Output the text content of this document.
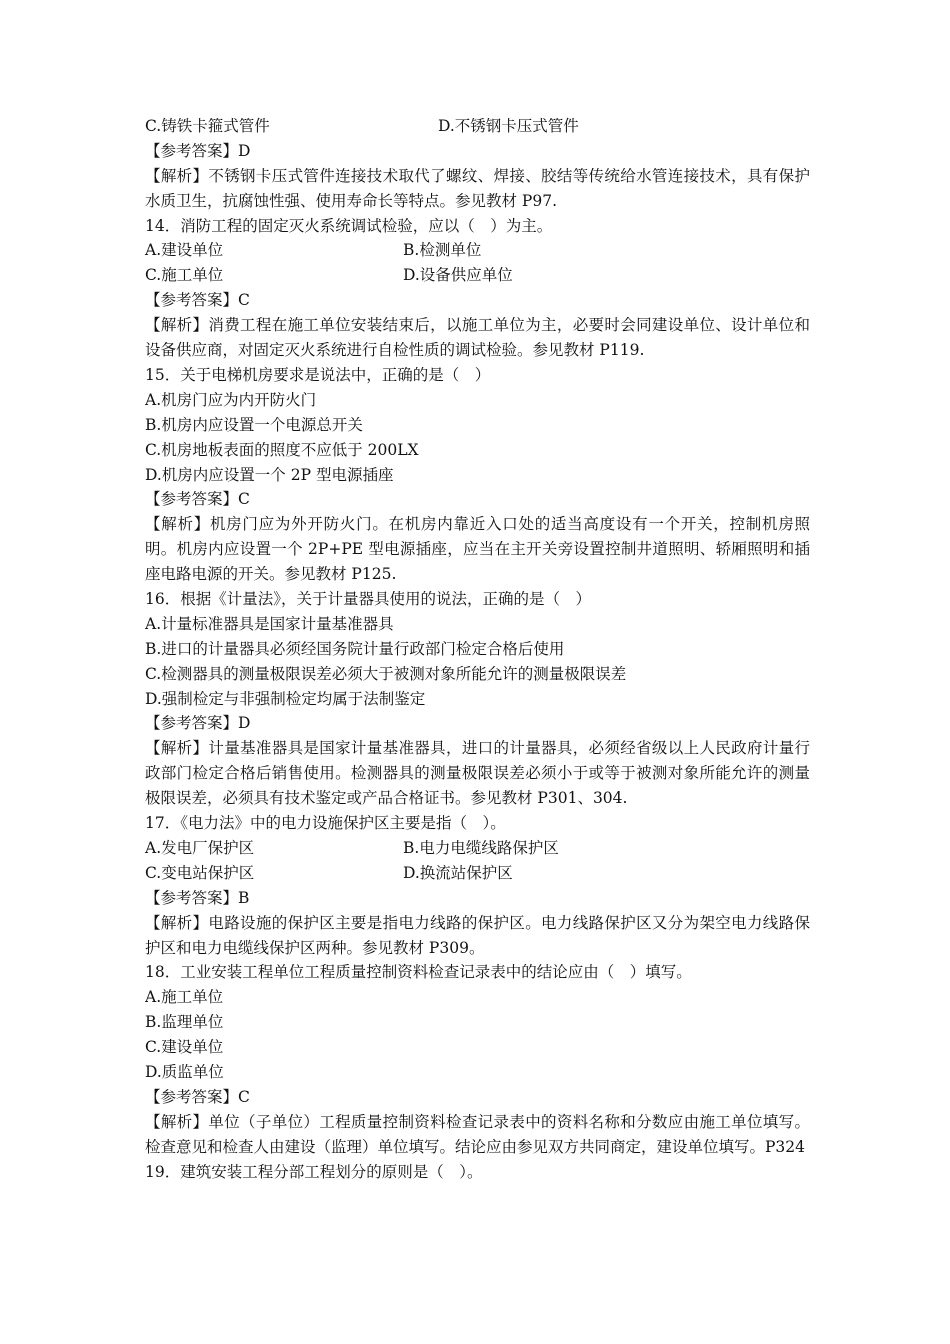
C.铸铁卡箍式管件	D.不锈钢卡压式管件
【参考答案】D
【解析】不锈钢卡压式管件连接技术取代了螺纹、焊接、胶结等传统给水管连接技术，具有保护水质卫生，抗腐蚀性强、使用寿命长等特点。参见教材 P97.
14．消防工程的固定灭火系统调试检验，应以（　）为主。
A.建设单位	B.检测单位
C.施工单位	D.设备供应单位
【参考答案】C
【解析】消费工程在施工单位安装结束后，以施工单位为主，必要时会同建设单位、设计单位和设备供应商，对固定灭火系统进行自检性质的调试检验。参见教材 P119.
15．关于电梯机房要求是说法中，正确的是（　）
A.机房门应为内开防火门
B.机房内应设置一个电源总开关
C.机房地板表面的照度不应低于 200LX
D.机房内应设置一个 2P 型电源插座
【参考答案】C
【解析】机房门应为外开防火门。在机房内靠近入口处的适当高度设有一个开关，控制机房照明。机房内应设置一个 2P+PE 型电源插座，应当在主开关旁设置控制井道照明、轿厢照明和插座电路电源的开关。参见教材 P125.
16．根据《计量法》，关于计量器具使用的说法，正确的是（　）
A.计量标准器具是国家计量基准器具
B.进口的计量器具必须经国务院计量行政部门检定合格后使用
C.检测器具的测量极限误差必须大于被测对象所能允许的测量极限误差
D.强制检定与非强制检定均属于法制鉴定
【参考答案】D
【解析】计量基准器具是国家计量基准器具，进口的计量器具，必须经省级以上人民政府计量行政部门检定合格后销售使用。检测器具的测量极限误差必须小于或等于被测对象所能允许的测量极限误差，必须具有技术鉴定或产品合格证书。参见教材 P301、304.
17．《电力法》中的电力设施保护区主要是指（　）。
A.发电厂保护区	B.电力电缆线路保护区
C.变电站保护区	D.换流站保护区
【参考答案】B
【解析】电路设施的保护区主要是指电力线路的保护区。电力线路保护区又分为架空电力线路保护区和电力电缆线保护区两种。参见教材 P309。
18．工业安装工程单位工程质量控制资料检查记录表中的结论应由（　）填写。
A.施工单位
B.监理单位
C.建设单位
D.质监单位
【参考答案】C
【解析】单位（子单位）工程质量控制资料检查记录表中的资料名称和分数应由施工单位填写。检查意见和检查人由建设（监理）单位填写。结论应由参见双方共同商定，建设单位填写。P324
19．建筑安装工程分部工程划分的原则是（　）。
